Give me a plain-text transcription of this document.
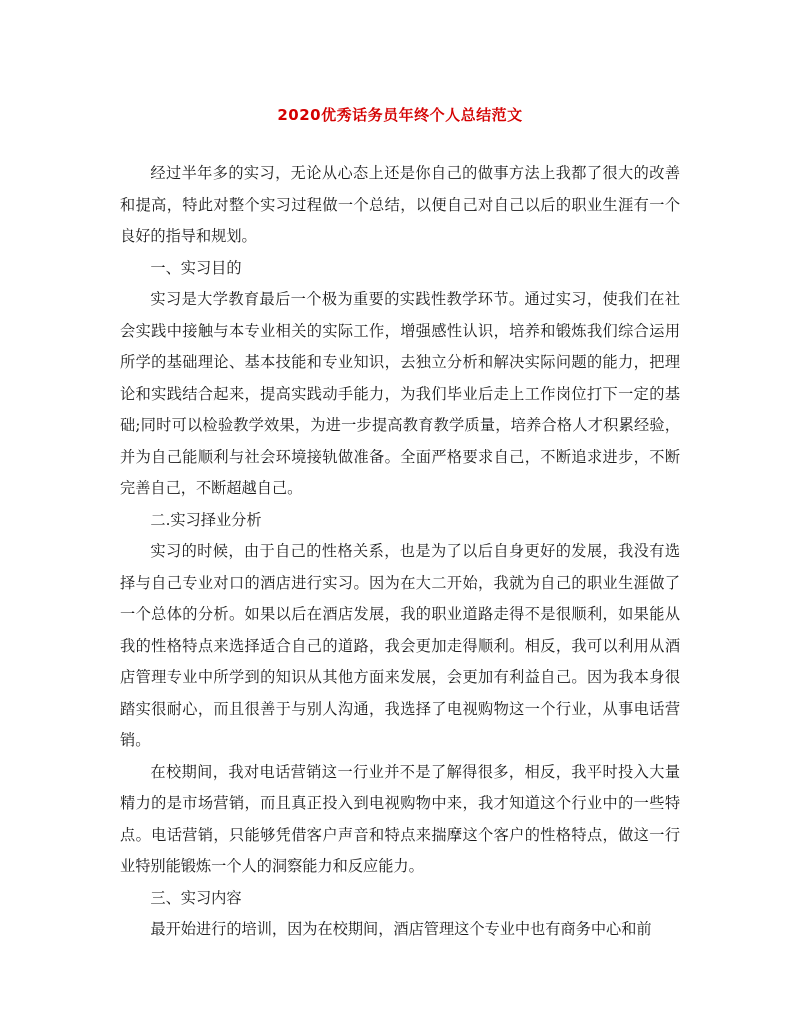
2020优秀话务员年终个人总结范文

经过半年多的实习，无论从心态上还是你自己的做事方法上我都了很大的改善和提高，特此对整个实习过程做一个总结，以便自己对自己以后的职业生涯有一个良好的指导和规划。

一、实习目的

实习是大学教育最后一个极为重要的实践性教学环节。通过实习，使我们在社会实践中接触与本专业相关的实际工作，增强感性认识，培养和锻炼我们综合运用所学的基础理论、基本技能和专业知识，去独立分析和解决实际问题的能力，把理论和实践结合起来，提高实践动手能力，为我们毕业后走上工作岗位打下一定的基础;同时可以检验教学效果，为进一步提高教育教学质量，培养合格人才积累经验，并为自己能顺利与社会环境接轨做准备。全面严格要求自己，不断追求进步，不断完善自己，不断超越自己。

二.实习择业分析

实习的时候，由于自己的性格关系，也是为了以后自身更好的发展，我没有选择与自己专业对口的酒店进行实习。因为在大二开始，我就为自己的职业生涯做了一个总体的分析。如果以后在酒店发展，我的职业道路走得不是很顺利，如果能从我的性格特点来选择适合自己的道路，我会更加走得顺利。相反，我可以利用从酒店管理专业中所学到的知识从其他方面来发展，会更加有利益自己。因为我本身很踏实很耐心，而且很善于与别人沟通，我选择了电视购物这一个行业，从事电话营销。

在校期间，我对电话营销这一行业并不是了解得很多，相反，我平时投入大量精力的是市场营销，而且真正投入到电视购物中来，我才知道这个行业中的一些特点。电话营销，只能够凭借客户声音和特点来揣摩这个客户的性格特点，做这一行业特别能锻炼一个人的洞察能力和反应能力。

三、实习内容

最开始进行的培训，因为在校期间，酒店管理这个专业中也有商务中心和前
